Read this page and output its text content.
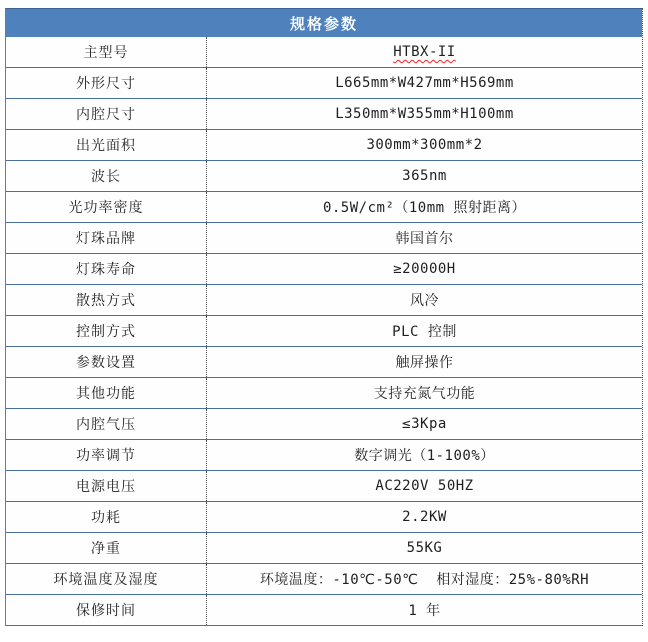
规格参数
主型号	HTBX-II
外形尺寸	L665mm*W427mm*H569mm
内腔尺寸	L350mm*W355mm*H100mm
出光面积	300mm*300mm*2
波长	365nm
光功率密度	0.5W/cm²（10mm 照射距离）
灯珠品牌	韩国首尔
灯珠寿命	≥20000H
散热方式	风冷
控制方式	PLC 控制
参数设置	触屏操作
其他功能	支持充氮气功能
内腔气压	≤3Kpa
功率调节	数字调光（1-100%）
电源电压	AC220V 50HZ
功耗	2.2KW
净重	55KG
环境温度及湿度	环境温度：-10℃-50℃  相对湿度：25%-80%RH
保修时间	1 年
